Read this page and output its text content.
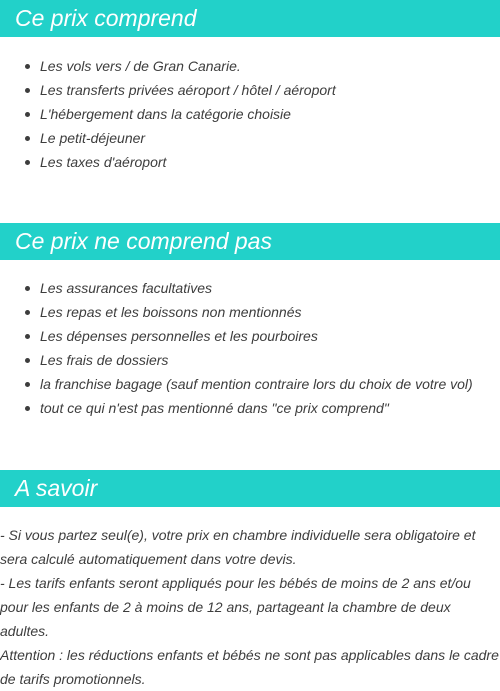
Ce prix comprend
Les vols vers / de Gran Canarie.
Les transferts privées aéroport / hôtel / aéroport
L'hébergement dans la catégorie choisie
Le petit-déjeuner
Les taxes d'aéroport
Ce prix ne comprend pas
Les assurances facultatives
Les repas et les boissons non mentionnés
Les dépenses personnelles et les pourboires
Les frais de dossiers
la franchise bagage (sauf mention contraire lors du choix de votre vol)
tout ce qui n'est pas mentionné dans "ce prix comprend"
A savoir

- Si vous partez seul(e), votre prix en chambre individuelle sera obligatoire et sera calculé automatiquement dans votre devis.

- Les tarifs enfants seront appliqués pour les bébés de moins de 2 ans et/ou pour les enfants de 2 à moins de 12 ans, partageant la chambre de deux adultes.

Attention : les réductions enfants et bébés ne sont pas applicables dans le cadre de tarifs promotionnels.
